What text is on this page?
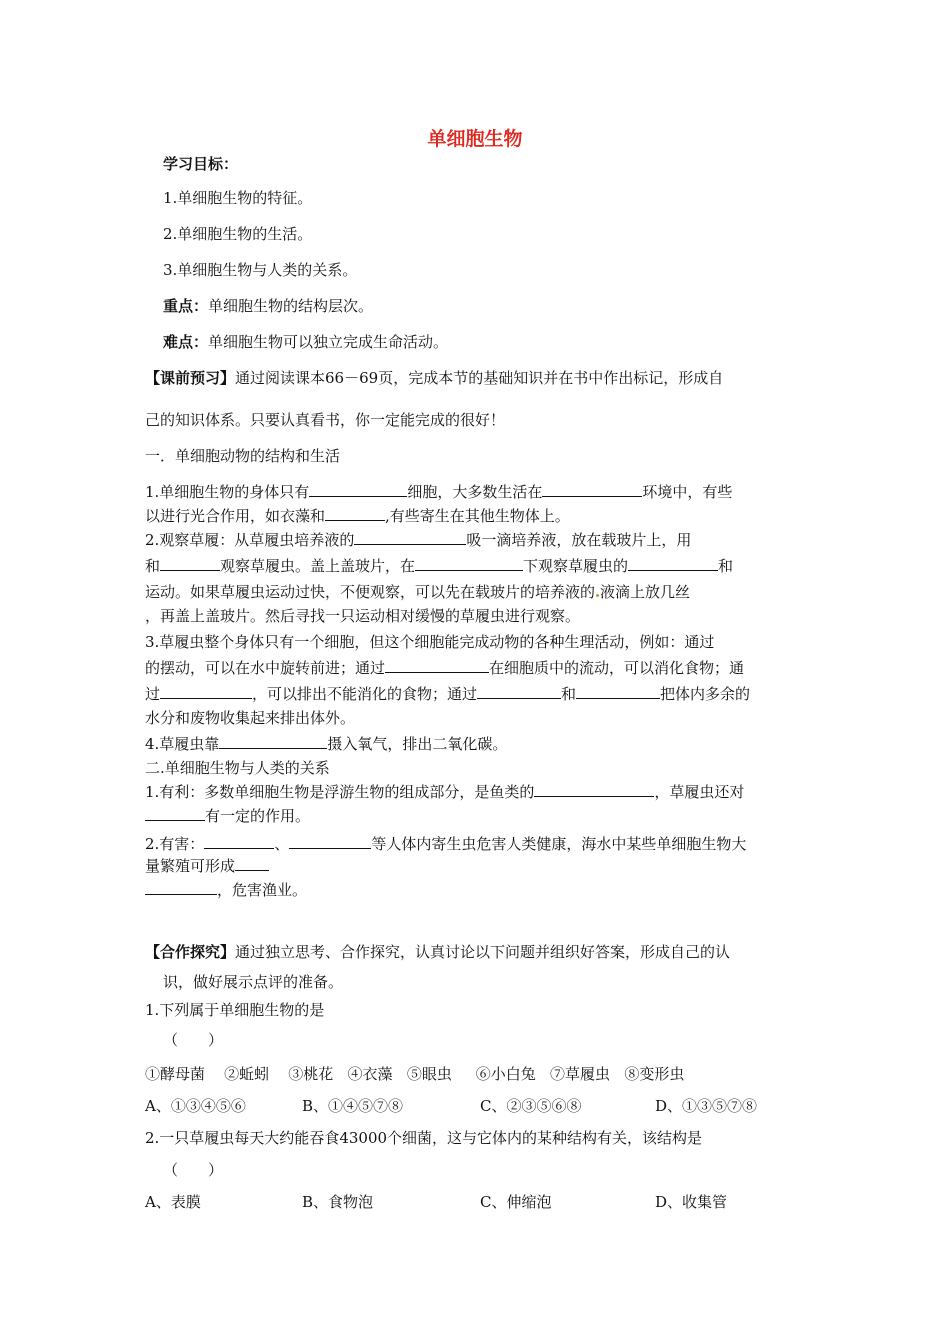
单细胞生物
学习目标：
1.单细胞生物的特征。
2.单细胞生物的生活。
3.单细胞生物与人类的关系。
重点：单细胞生物的结构层次。
难点：单细胞生物可以独立完成生命活动。
【课前预习】通过阅读课本66－69页，完成本节的基础知识并在书中作出标记，形成自
己的知识体系。只要认真看书，你一定能完成的很好！
一．单细胞动物的结构和生活
1.单细胞生物的身体只有	细胞，大多数生活在	环境中，有些
以进行光合作用，如衣藻和	,有些寄生在其他生物体上。
2.观察草履：从草履虫培养液的	吸一滴培养液，放在载玻片上，用
和	观察草履虫。盖上盖玻片，在	下观察草履虫的	和
运动。如果草履虫运动过快，不便观察，可以先在载玻片的培养液的 液滴上放几丝
，再盖上盖玻片。然后寻找一只运动相对缓慢的草履虫进行观察。
3.草履虫整个身体只有一个细胞，但这个细胞能完成动物的各种生理活动，例如：通过
的摆动，可以在水中旋转前进；通过	在细胞质中的流动，可以消化食物；通
过	，可以排出不能消化的食物；通过	和	把体内多余的
水分和废物收集起来排出体外。
4.草履虫靠	摄入氧气，排出二氧化碳。
二.单细胞生物与人类的关系
1.有利：多数单细胞生物是浮游生物的组成部分，是鱼类的	，草履虫还对
有一定的作用。
2.有害：	、	等人体内寄生虫危害人类健康，海水中某些单细胞生物大
量繁殖可形成
，危害渔业。
【合作探究】通过独立思考、合作探究，认真讨论以下问题并组织好答案，形成自己的认
识，做好展示点评的准备。
1.下列属于单细胞生物的是
（　　）
①酵母菌 ②蚯蚓 ③桃花 ④衣藻 ⑤眼虫 ⑥小白兔 ⑦草履虫 ⑧变形虫
A、①③④⑤⑥	B、①④⑤⑦⑧	C、②③⑤⑥⑧	D、①③⑤⑦⑧
2.一只草履虫每天大约能吞食43000个细菌，这与它体内的某种结构有关，该结构是
（　　）
A、表膜	B、食物泡	C、伸缩泡	D、收集管
